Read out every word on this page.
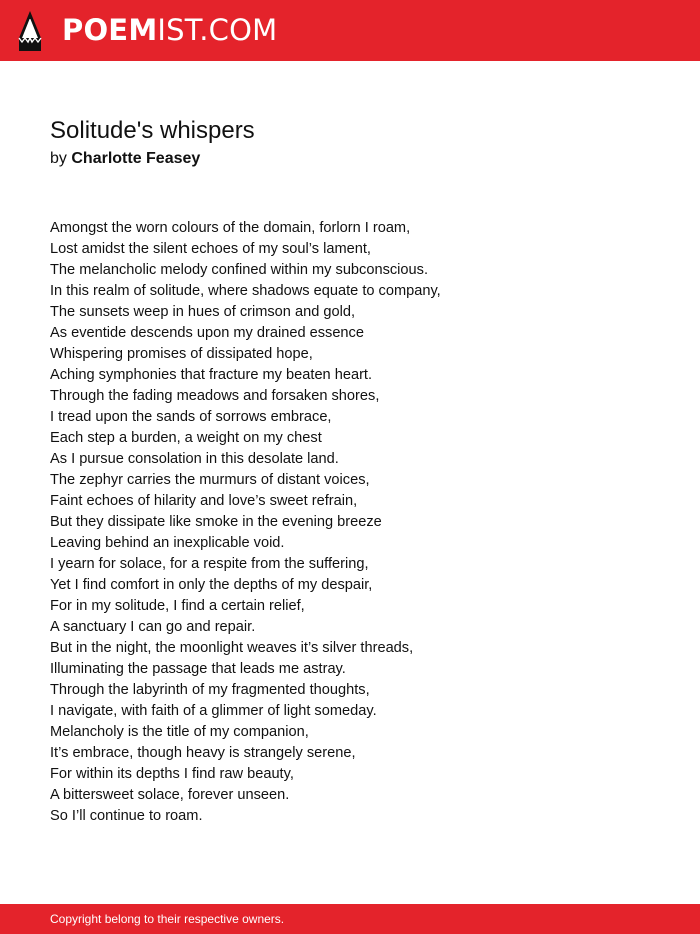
POEMIST.COM
Solitude's whispers
by Charlotte Feasey
Amongst the worn colours of the domain, forlorn I roam,
Lost amidst the silent echoes of my soul’s lament,
The melancholic melody confined within my subconscious.
In this realm of solitude, where shadows equate to company,
The sunsets weep in hues of crimson and gold,
As eventide descends upon my drained essence
Whispering promises of dissipated hope,
Aching symphonies that fracture my beaten heart.
Through the fading meadows and forsaken shores,
I tread upon the sands of sorrows embrace,
Each step a burden, a weight on my chest
As I pursue consolation in this desolate land.
The zephyr carries the murmurs of distant voices,
Faint echoes of hilarity and love’s sweet refrain,
But they dissipate like smoke in the evening breeze
Leaving behind an inexplicable void.
I yearn for solace, for a respite from the suffering,
Yet I find comfort in only the depths of my despair,
For in my solitude, I find a certain relief,
A sanctuary I can go and repair.
But in the night, the moonlight weaves it’s silver threads,
Illuminating the passage that leads me astray.
Through the labyrinth of my fragmented thoughts,
I navigate, with faith of a glimmer of light someday.
Melancholy is the title of my companion,
It’s embrace, though heavy is strangely serene,
For within its depths I find raw beauty,
A bittersweet solace, forever unseen.
So I’ll continue to roam.
Copyright belong to their respective owners.
